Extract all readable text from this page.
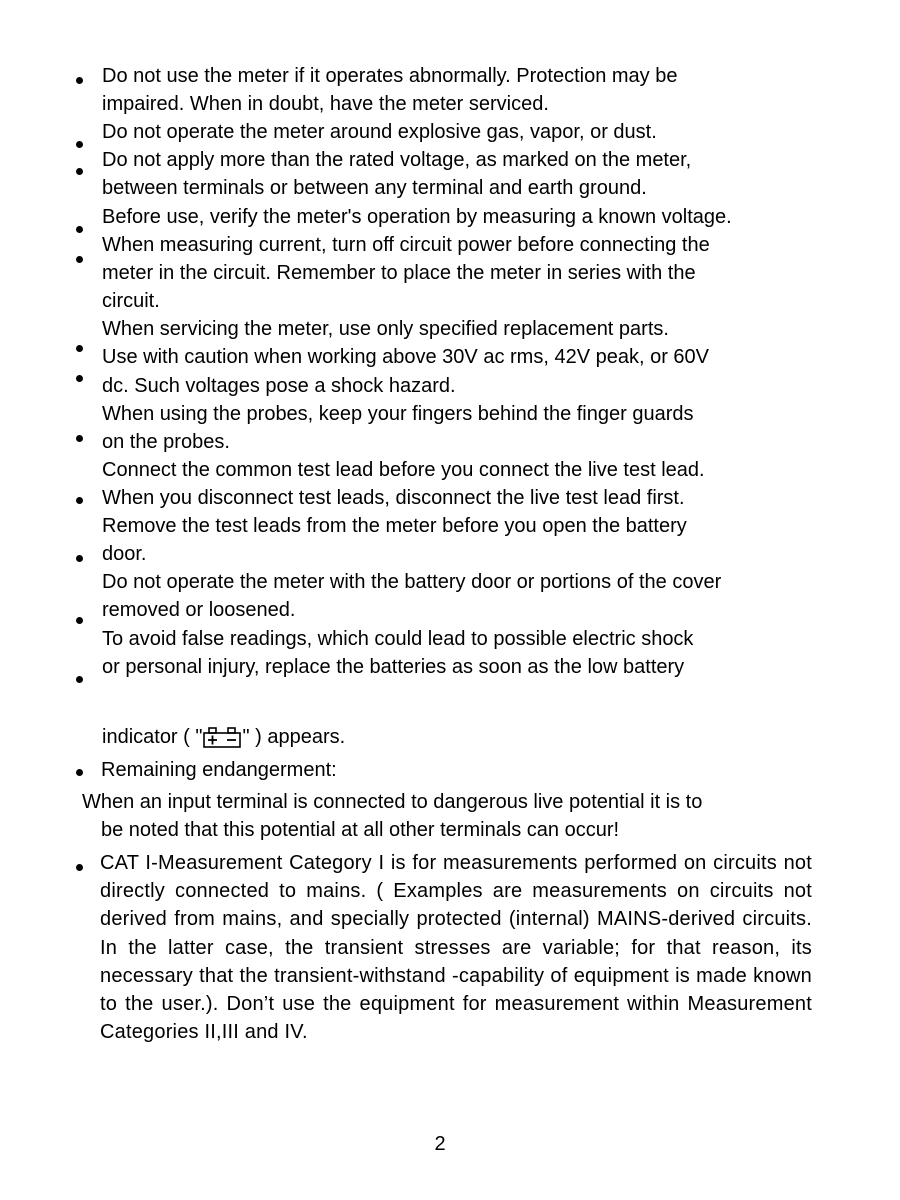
Do not use the meter if it operates abnormally. Protection may be
impaired. When in doubt, have the meter serviced.
Do not operate the meter around explosive gas, vapor, or dust.
Do not apply more than the rated voltage, as marked on the meter,
between terminals or between any terminal and earth ground.
Before use, verify the meter's operation by measuring a known voltage.
When measuring current, turn off circuit power before connecting the
meter in the circuit. Remember to place the meter in series with the
circuit.
When servicing the meter, use only specified replacement parts.
Use with caution when working above 30V ac rms, 42V peak, or 60V
dc. Such voltages pose a shock hazard.
When using the probes, keep your fingers behind the finger guards
on the probes.
Connect the common test lead before you connect the live test lead.
When you disconnect test leads, disconnect the live test lead first.
Remove the test leads from the meter before you open the battery
door.
Do not operate the meter with the battery door or portions of the cover
removed or loosened.
To avoid false readings, which could lead to possible electric shock
or personal injury, replace the batteries as soon as the low battery
indicator ( " " ) appears.
Remaining endangerment:
When an input terminal is connected to dangerous live potential it is to
be noted that this potential at all other terminals can occur!
CAT I-Measurement Category I is for measurements performed on circuits not directly connected to mains. ( Examples are measurements on circuits not derived from mains, and specially protected (internal) MAINS-derived circuits. In the latter case, the transient stresses are variable; for that reason, its necessary that the transient-withstand -capability of equipment is made known to the user.). Don’t use the equipment for measurement within Measurement Categories II,III and IV.
2
